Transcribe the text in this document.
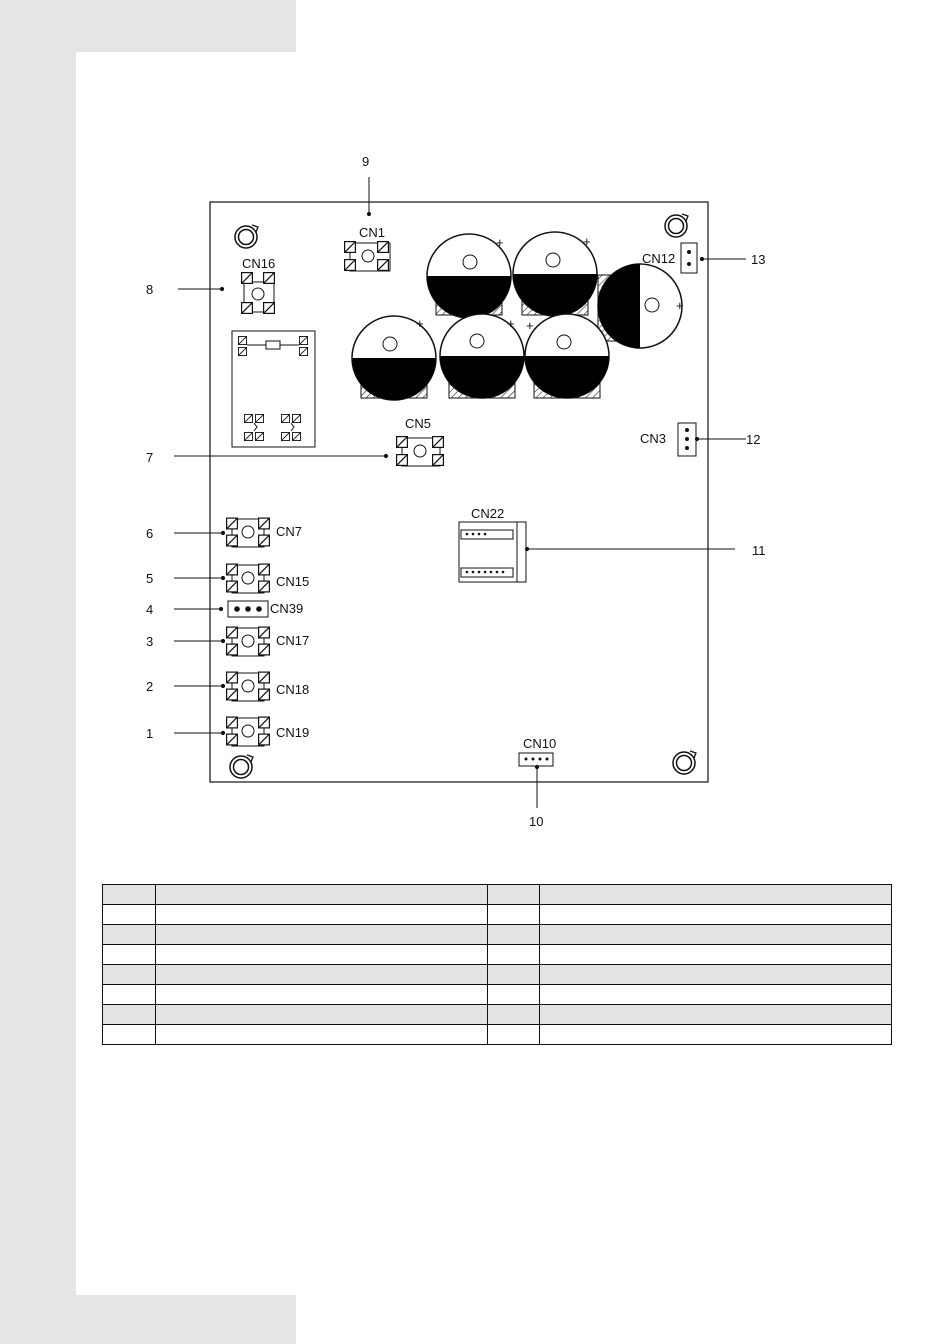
+	+
+
+	+ +
CN1
CN16	CN12
CN3
CN5
CN22
CN7
CN15
CN39
CN17
CN18
CN19
CN10
1
2
3
4
5
6
7
8
9
10
11
12
13
